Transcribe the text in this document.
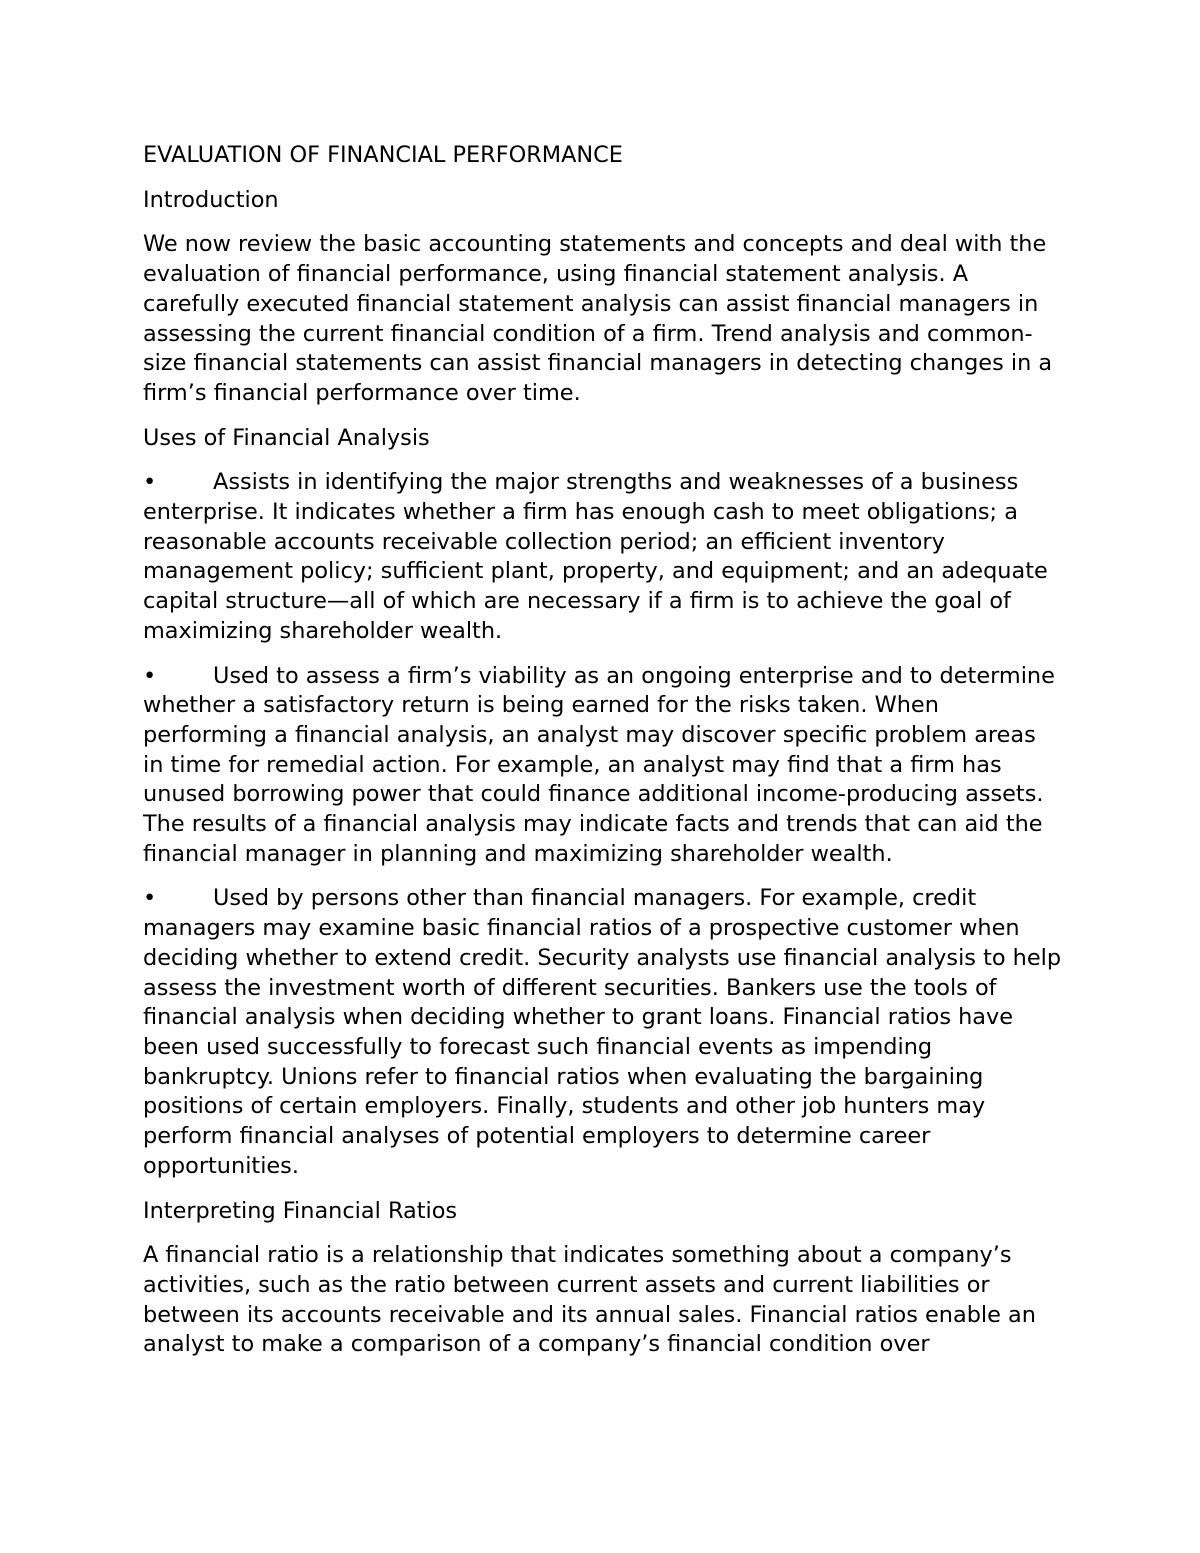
EVALUATION OF FINANCIAL PERFORMANCE

Introduction

We now review the basic accounting statements and concepts and deal with the evaluation of financial performance, using financial statement analysis. A carefully executed financial statement analysis can assist financial managers in assessing the current financial condition of a firm. Trend analysis and common-size financial statements can assist financial managers in detecting changes in a firm’s financial performance over time.

Uses of Financial Analysis

•	Assists in identifying the major strengths and weaknesses of a business enterprise. It indicates whether a firm has enough cash to meet obligations; a reasonable accounts receivable collection period; an efficient inventory management policy; sufficient plant, property, and equipment; and an adequate capital structure—all of which are necessary if a firm is to achieve the goal of maximizing shareholder wealth.

•	Used to assess a firm’s viability as an ongoing enterprise and to determine whether a satisfactory return is being earned for the risks taken. When performing a financial analysis, an analyst may discover specific problem areas in time for remedial action. For example, an analyst may find that a firm has unused borrowing power that could finance additional income-producing assets. The results of a financial analysis may indicate facts and trends that can aid the financial manager in planning and maximizing shareholder wealth.

•	Used by persons other than financial managers. For example, credit managers may examine basic financial ratios of a prospective customer when deciding whether to extend credit. Security analysts use financial analysis to help assess the investment worth of different securities. Bankers use the tools of financial analysis when deciding whether to grant loans. Financial ratios have been used successfully to forecast such financial events as impending bankruptcy. Unions refer to financial ratios when evaluating the bargaining positions of certain employers. Finally, students and other job hunters may perform financial analyses of potential employers to determine career opportunities.

Interpreting Financial Ratios

A financial ratio is a relationship that indicates something about a company’s activities, such as the ratio between current assets and current liabilities or between its accounts receivable and its annual sales. Financial ratios enable an analyst to make a comparison of a company’s financial condition over
